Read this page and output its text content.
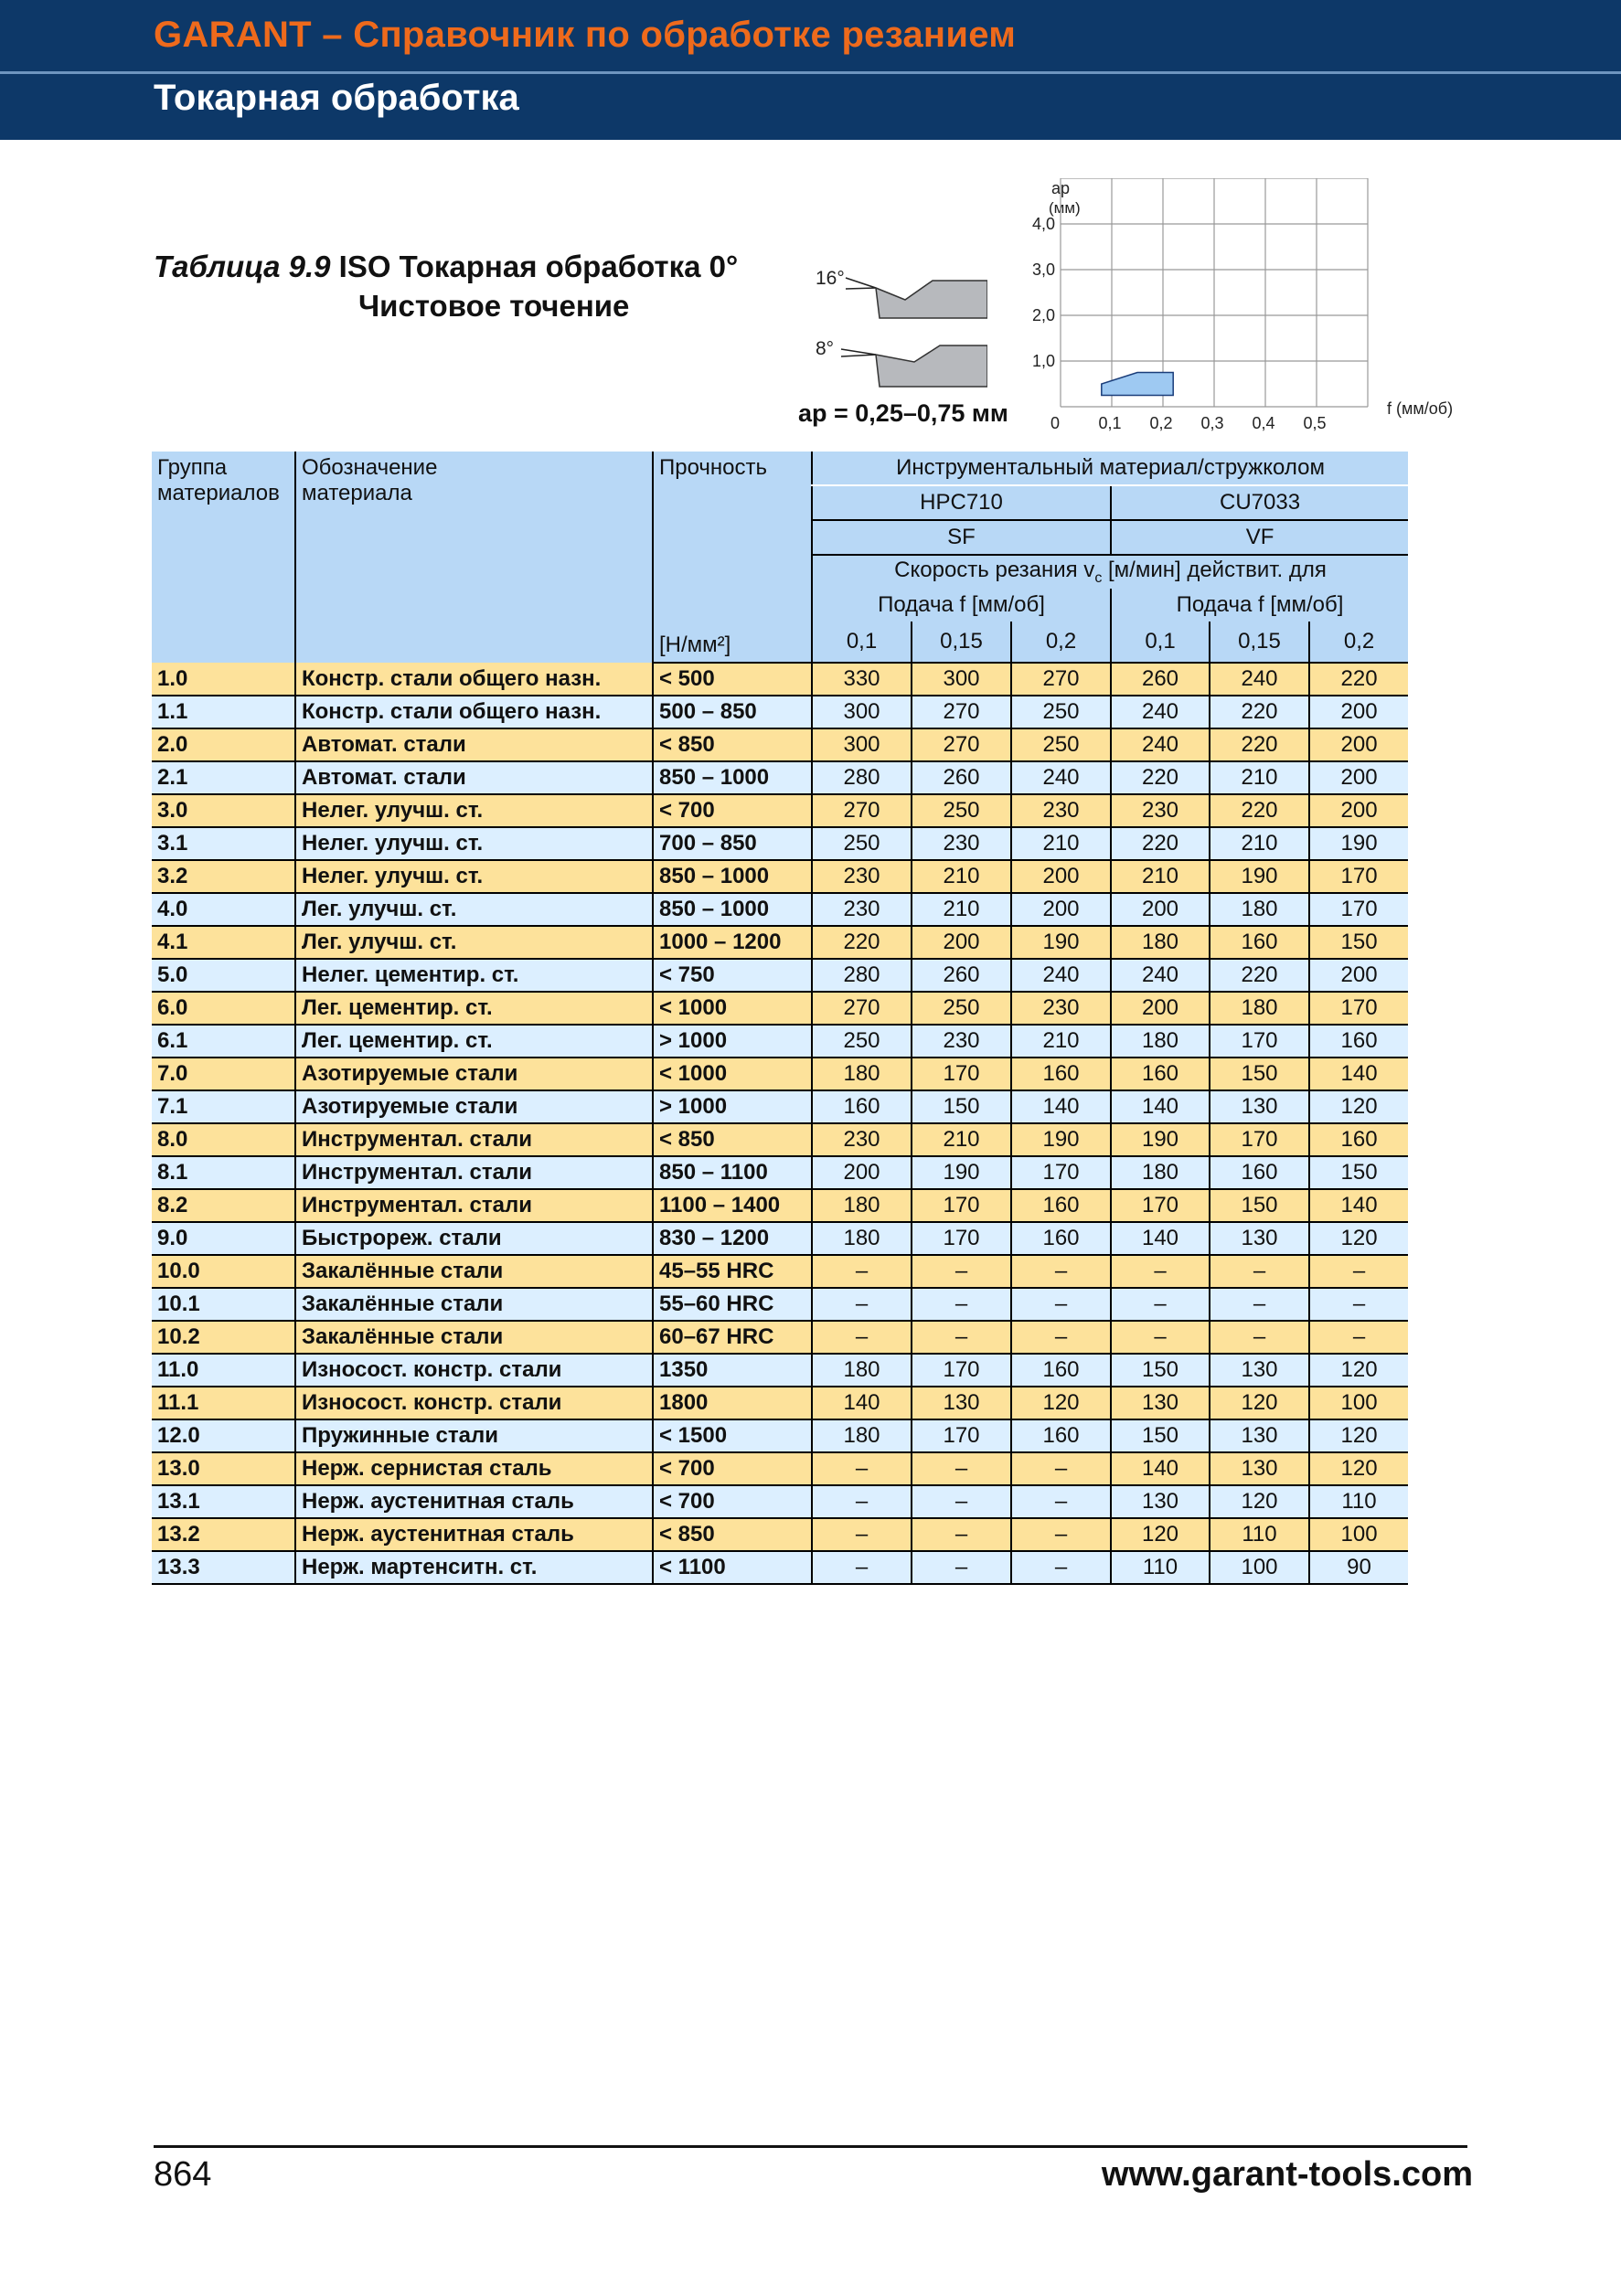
GARANT – Справочник по обработке резанием
Токарная обработка
Таблица 9.9 ISO Токарная обработка 0°
Чистовое точение
16°
8°
ap = 0,25–0,75 мм
ap
(мм)
0 0,1 0,2 0,3 0,4 0,5
1,0
2,0
3,0
4,0
f (мм/об)
Группа
материалов	Обозначение
материала	Прочность	Инструментальный материал/стружколом					
			HPC710			CU7033		
			SF			VF		
			Скорость резания $v_c$ [м/мин] действит. для					
			Подача f [мм/об]			Подача f [мм/об]		
		[Н/мм²]	0,1	0,15	0,2	0,1	0,15	0,2
1.0	Констр. стали общего назн.	< 500	330	300	270	260	240	220
1.1	Констр. стали общего назн.	500 – 850	300	270	250	240	220	200
2.0	Автомат. стали	< 850	300	270	250	240	220	200
2.1	Автомат. стали	850 – 1000	280	260	240	220	210	200
3.0	Нелег. улучш. ст.	< 700	270	250	230	230	220	200
3.1	Нелег. улучш. ст.	700 – 850	250	230	210	220	210	190
3.2	Нелег. улучш. ст.	850 – 1000	230	210	200	210	190	170
4.0	Лег. улучш. ст.	850 – 1000	230	210	200	200	180	170
4.1	Лег. улучш. ст.	1000 – 1200	220	200	190	180	160	150
5.0	Нелег. цементир. ст.	< 750	280	260	240	240	220	200
6.0	Лег. цементир. ст.	< 1000	270	250	230	200	180	170
6.1	Лег. цементир. ст.	> 1000	250	230	210	180	170	160
7.0	Азотируемые стали	< 1000	180	170	160	160	150	140
7.1	Азотируемые стали	> 1000	160	150	140	140	130	120
8.0	Инструментал. стали	< 850	230	210	190	190	170	160
8.1	Инструментал. стали	850 – 1100	200	190	170	180	160	150
8.2	Инструментал. стали	1100 – 1400	180	170	160	170	150	140
9.0	Быстрореж. стали	830 – 1200	180	170	160	140	130	120
10.0	Закалённые стали	45–55 HRC	–	–	–	–	–	–
10.1	Закалённые стали	55–60 HRC	–	–	–	–	–	–
10.2	Закалённые стали	60–67 HRC	–	–	–	–	–	–
11.0	Износост. констр. стали	1350	180	170	160	150	130	120
11.1	Износост. констр. стали	1800	140	130	120	130	120	100
12.0	Пружинные стали	< 1500	180	170	160	150	130	120
13.0	Нерж. сернистая сталь	< 700	–	–	–	140	130	120
13.1	Нерж. аустенитная сталь	< 700	–	–	–	130	120	110
13.2	Нерж. аустенитная сталь	< 850	–	–	–	120	110	100
13.3	Нерж. мартенситн. ст.	< 1100	–	–	–	110	100	90
864	www.garant-tools.com
